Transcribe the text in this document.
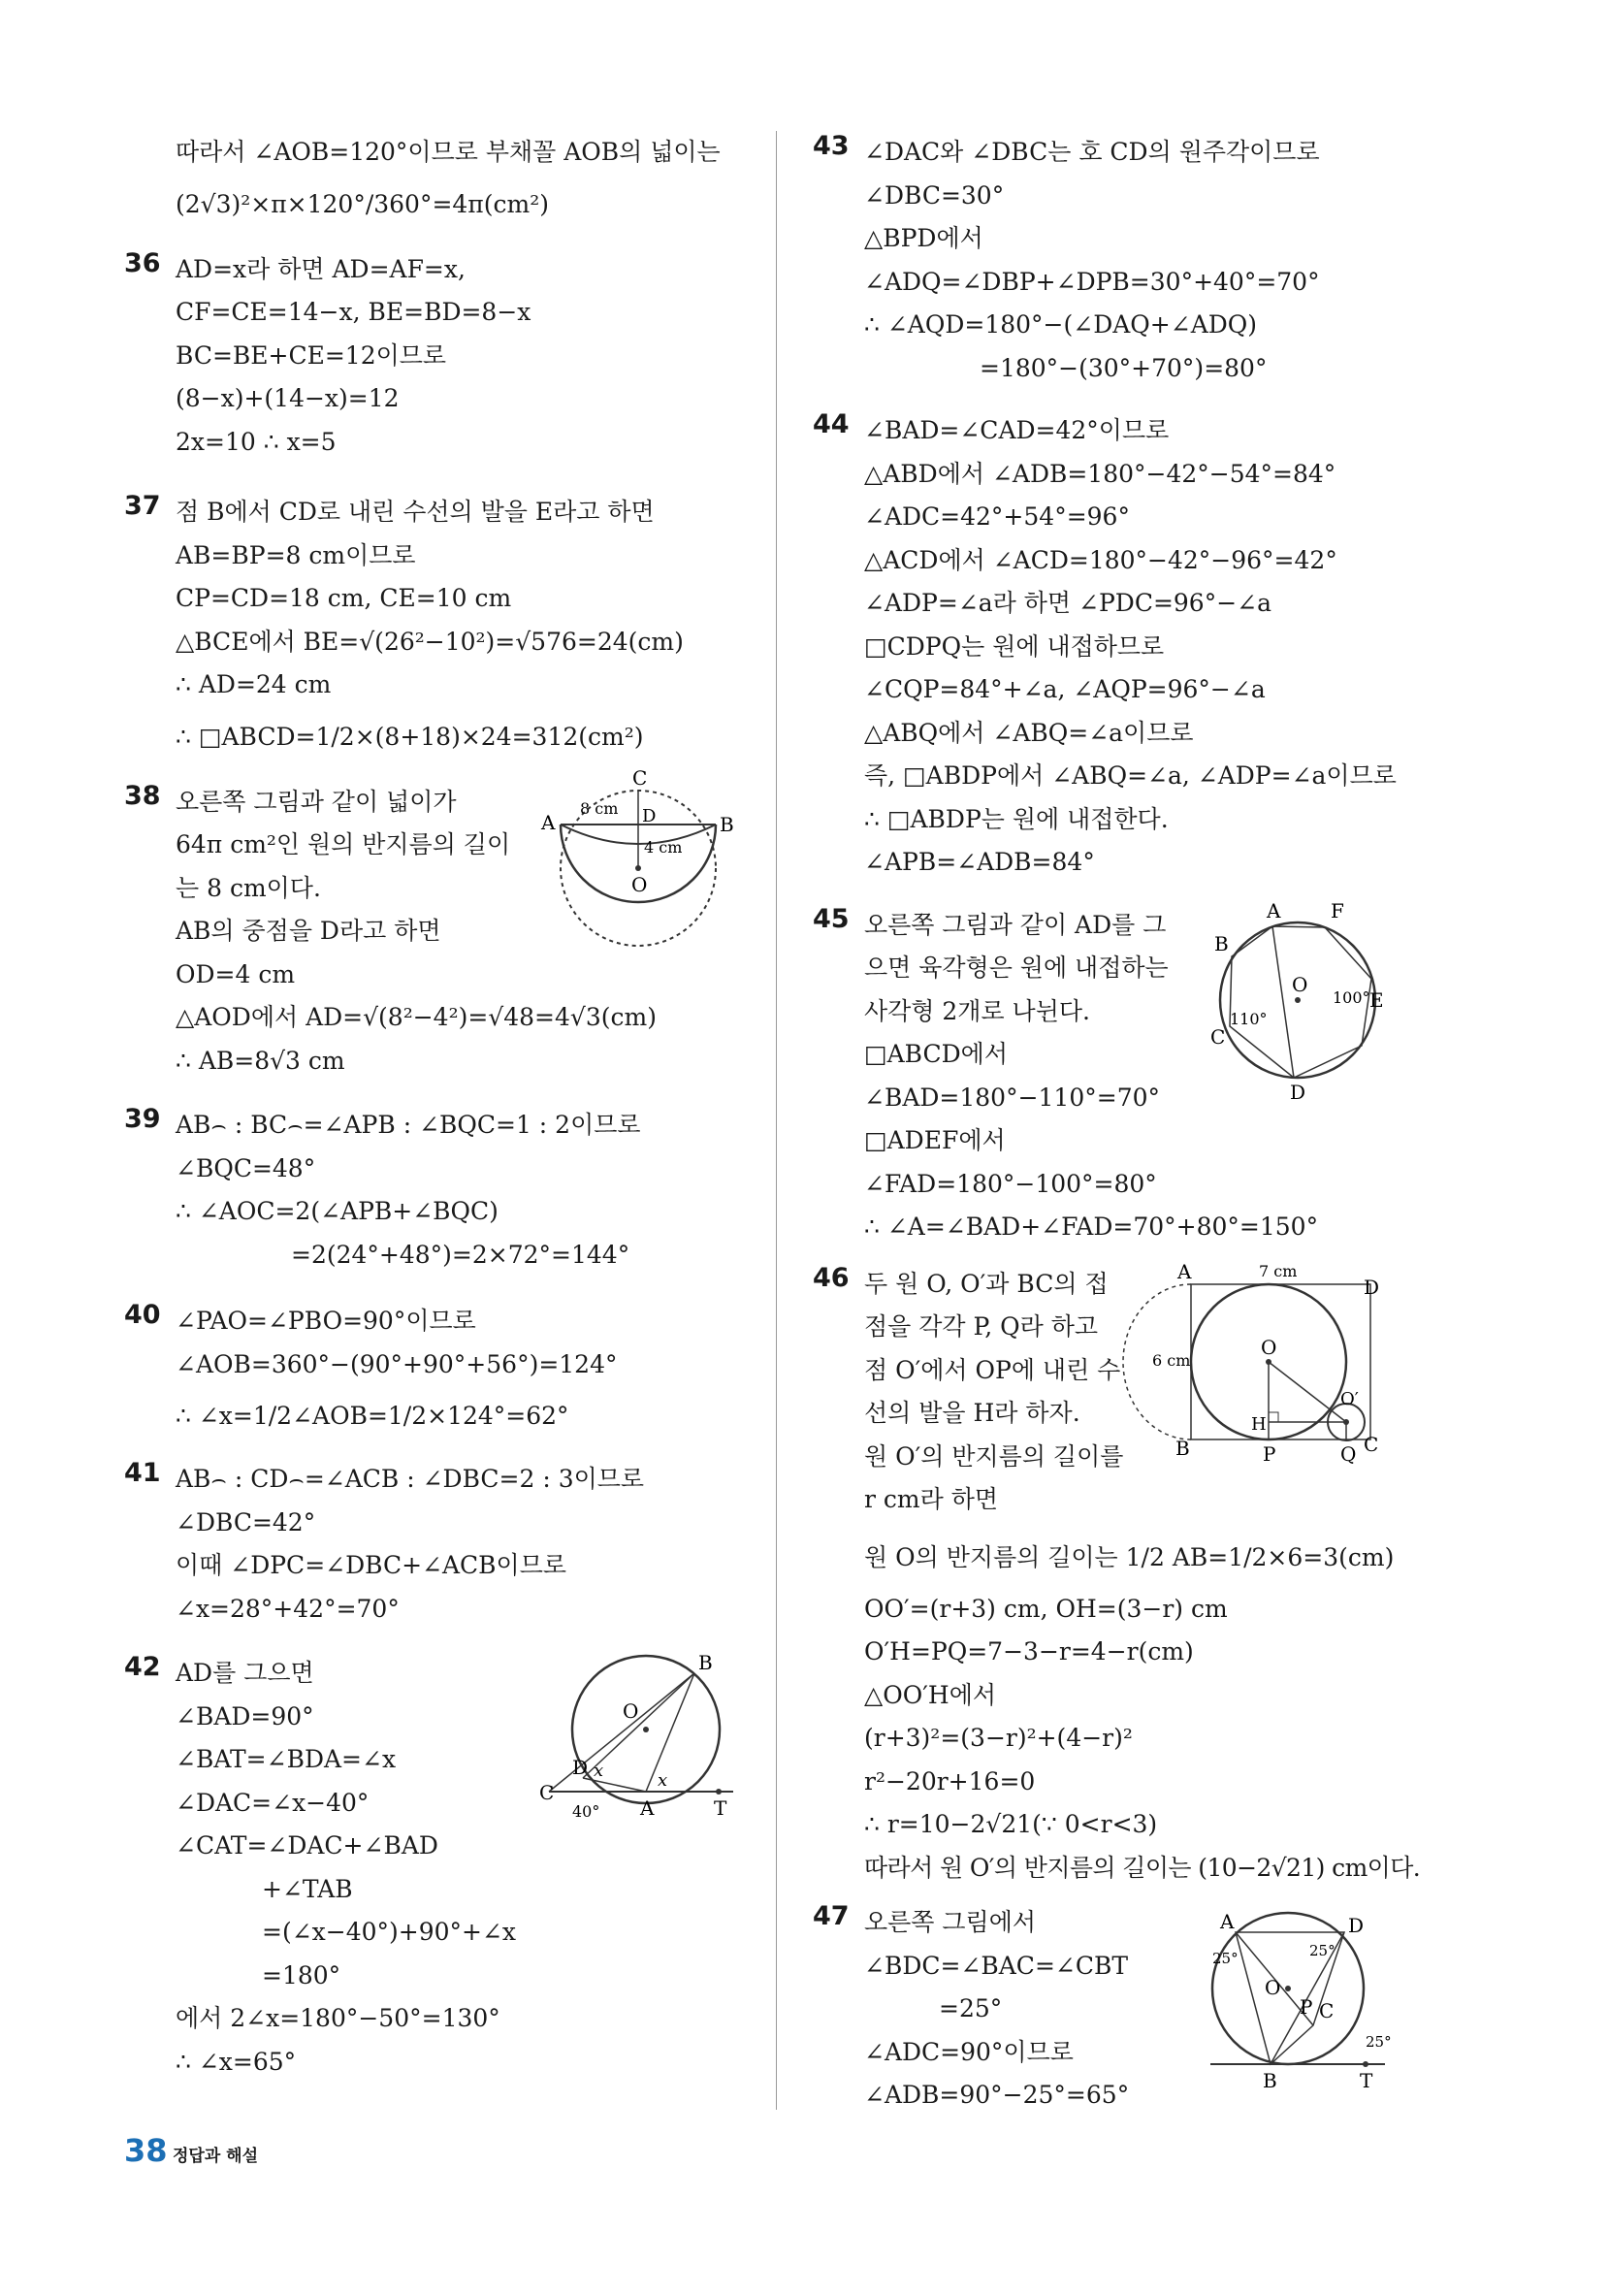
따라서 ∠AOB=120°이므로 부채꼴 AOB의 넓이는
(2√3)²×π×120°/360°=4π(cm²)
36 AD=x라 하면 AD=AF=x,
CF=CE=14−x, BE=BD=8−x
BC=BE+CE=12이므로
(8−x)+(14−x)=12
2x=10 ∴ x=5
37 점 B에서 CD로 내린 수선의 발을 E라고 하면
AB=BP=8 cm이므로
CP=CD=18 cm, CE=10 cm
△BCE에서 BE=√(26²−10²)=√576=24(cm)
∴ AD=24 cm
∴ □ABCD=1/2×(8+18)×24=312(cm²)
38 오른쪽 그림과 같이 넓이가
64π cm²인 원의 반지름의 길이
는 8 cm이다.
AB의 중점을 D라고 하면
OD=4 cm
△AOD에서 AD=√(8²−4²)=√48=4√3(cm)
∴ AB=8√3 cm
C
A	B
D
O
8 cm
4 cm
39 AB⌢ : BC⌢=∠APB : ∠BQC=1 : 2이므로
∠BQC=48°
∴ ∠AOC=2(∠APB+∠BQC)
=2(24°+48°)=2×72°=144°
40 ∠PAO=∠PBO=90°이므로
∠AOB=360°−(90°+90°+56°)=124°
∴ ∠x=1/2∠AOB=1/2×124°=62°
41 AB⌢ : CD⌢=∠ACB : ∠DBC=2 : 3이므로
∠DBC=42°
이때 ∠DPC=∠DBC+∠ACB이므로
∠x=28°+42°=70°
42 AD를 그으면
∠BAD=90°
∠BAT=∠BDA=∠x
∠DAC=∠x−40°
∠CAT=∠DAC+∠BAD
+∠TAB
=(∠x−40°)+90°+∠x
=180°
에서 2∠x=180°−50°=130°
∴ ∠x=65°
B
O
D
C
A	T
x	x
40°
43 ∠DAC와 ∠DBC는 호 CD의 원주각이므로
∠DBC=30°
△BPD에서
∠ADQ=∠DBP+∠DPB=30°+40°=70°
∴ ∠AQD=180°−(∠DAQ+∠ADQ)
=180°−(30°+70°)=80°
44 ∠BAD=∠CAD=42°이므로
△ABD에서 ∠ADB=180°−42°−54°=84°
∠ADC=42°+54°=96°
△ACD에서 ∠ACD=180°−42°−96°=42°
∠ADP=∠a라 하면 ∠PDC=96°−∠a
□CDPQ는 원에 내접하므로
∠CQP=84°+∠a, ∠AQP=96°−∠a
△ABQ에서 ∠ABQ=∠a이므로
즉, □ABDP에서 ∠ABQ=∠a, ∠ADP=∠a이므로
∴ □ABDP는 원에 내접한다.
∠APB=∠ADB=84°
45 오른쪽 그림과 같이 AD를 그
으면 육각형은 원에 내접하는
사각형 2개로 나뉜다.
□ABCD에서
∠BAD=180°−110°=70°
□ADEF에서
∠FAD=180°−100°=80°
∴ ∠A=∠BAD+∠FAD=70°+80°=150°
A	F
B
O
E
C
D
110°
100°
46 두 원 O, O′과 BC의 접
점을 각각 P, Q라 하고
점 O′에서 OP에 내린 수
선의 발을 H라 하자.
원 O′의 반지름의 길이를
r cm라 하면
원 O의 반지름의 길이는 1/2 AB=1/2×6=3(cm)
OO′=(r+3) cm, OH=(3−r) cm
O′H=PQ=7−3−r=4−r(cm)
△OO′H에서
(r+3)²=(3−r)²+(4−r)²
r²−20r+16=0
∴ r=10−2√21(∵ 0<r<3)
따라서 원 O′의 반지름의 길이는 (10−2√21) cm이다.
A
D
O
O′
H
B	P	Q C
7 cm
6 cm
47 오른쪽 그림에서
∠BDC=∠BAC=∠CBT
=25°
∠ADC=90°이므로
∠ADB=90°−25°=65°
A	D
O
P C
B	T
25°	25°
25°
38 정답과 해설
